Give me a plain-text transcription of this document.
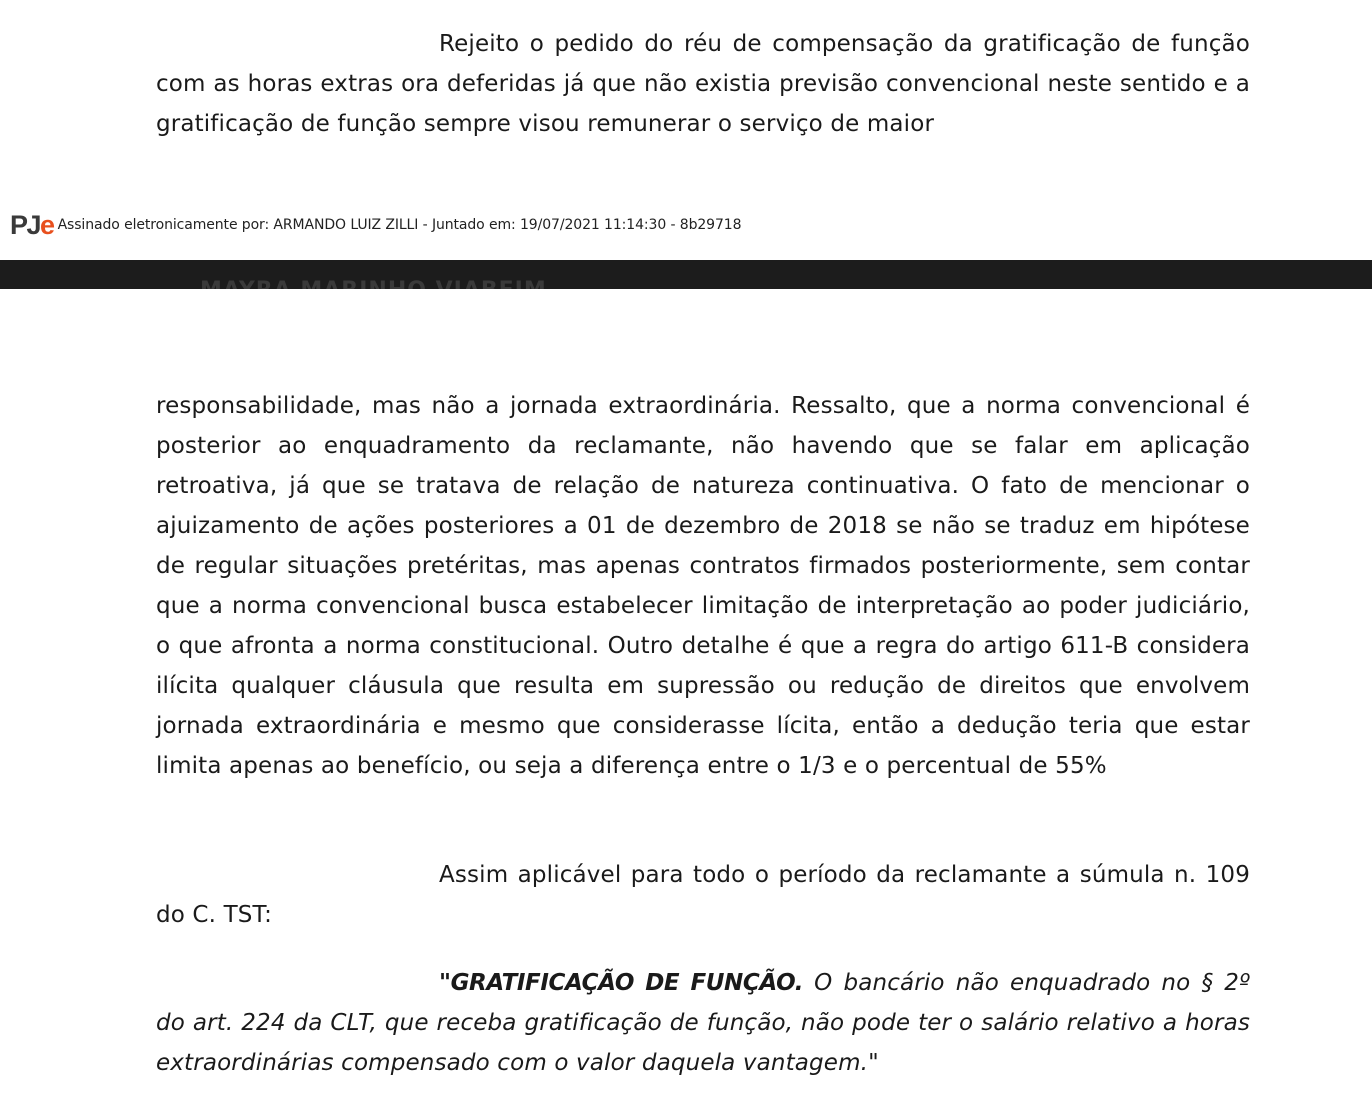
Rejeito o pedido do réu de compensação da gratificação de função com as horas extras ora deferidas já que não existia previsão convencional neste sentido e a gratificação de função sempre visou remunerar o serviço de maior

PJ e Assinado eletronicamente por: ARMANDO LUIZ ZILLI - Juntado em: 19/07/2021 11:14:30 - 8b29718

responsabilidade, mas não a jornada extraordinária. Ressalto, que a norma convencional é posterior ao enquadramento da reclamante, não havendo que se falar em aplicação retroativa, já que se tratava de relação de natureza continuativa. O fato de mencionar o ajuizamento de ações posteriores a 01 de dezembro de 2018 se não se traduz em hipótese de regular situações pretéritas, mas apenas contratos firmados posteriormente, sem contar que a norma convencional busca estabelecer limitação de interpretação ao poder judiciário, o que afronta a norma constitucional. Outro detalhe é que a regra do artigo 611-B considera ilícita qualquer cláusula que resulta em supressão ou redução de direitos que envolvem jornada extraordinária e mesmo que considerasse lícita, então a dedução teria que estar limita apenas ao benefício, ou seja a diferença entre o 1/3 e o percentual de 55%

Assim aplicável para todo o período da reclamante a súmula n. 109 do C. TST:

"GRATIFICAÇÃO DE FUNÇÃO. O bancário não enquadrado no § 2º do art. 224 da CLT, que receba gratificação de função, não pode ter o salário relativo a horas extraordinárias compensado com o valor daquela vantagem."
